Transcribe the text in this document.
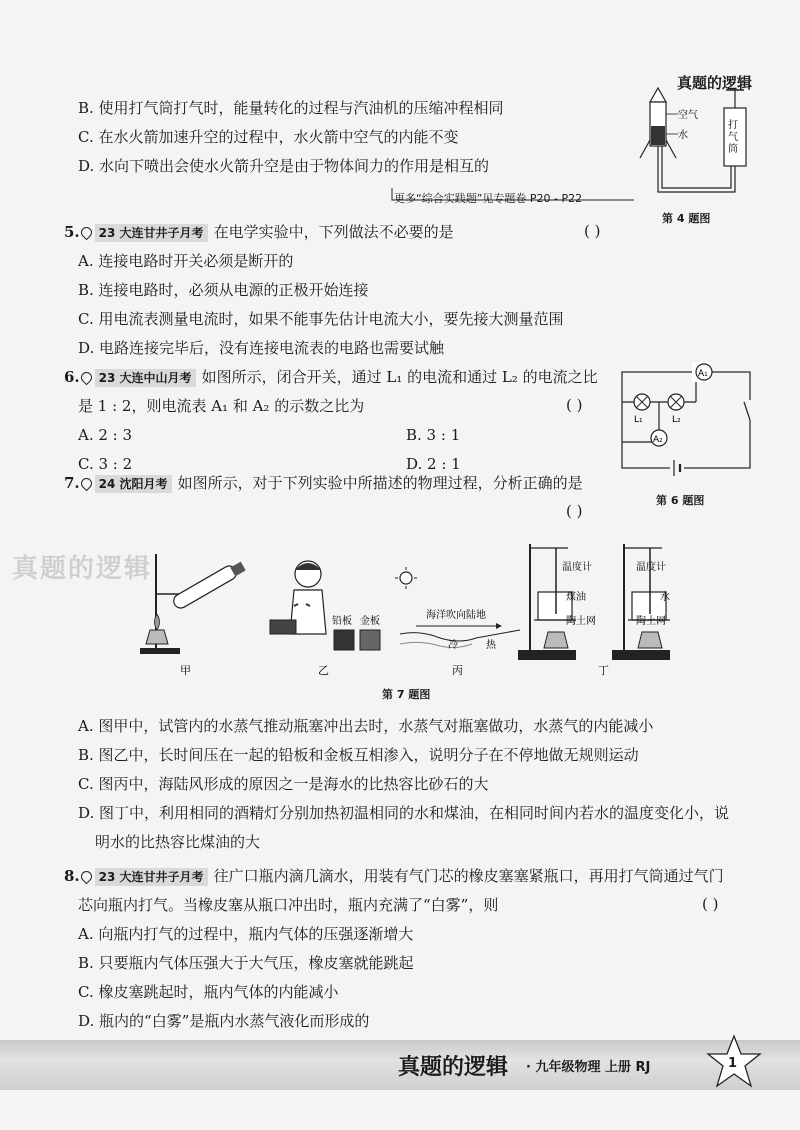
真题的逻辑
B. 使用打气筒打气时，能量转化的过程与汽油机的压缩冲程相同
C. 在水火箭加速升空的过程中，水火箭中空气的内能不变
D. 水向下喷出会使水火箭升空是由于物体间力的作用是相互的
更多“综合实践题”见专题卷 P20 - P22
空气
水
打
气
筒
第 4 题图
5. 23 大连甘井子月考 在电学实验中，下列做法不必要的是	( )
A. 连接电路时开关必须是断开的
B. 连接电路时，必须从电源的正极开始连接
C. 用电流表测量电流时，如果不能事先估计电流大小，要先接大测量范围
D. 电路连接完毕后，没有连接电流表的电路也需要试触
6. 23 大连中山月考 如图所示，闭合开关，通过 L₁ 的电流和通过 L₂ 的电流之比
是 1 : 2，则电流表 A₁ 和 A₂ 的示数之比为	( )
A. 2 : 3	B. 3 : 1
C. 3 : 2	D. 2 : 1
A₁
A₂
L₁	L₂
第 6 题图
7. 24 沈阳月考 如图所示，对于下列实验中所描述的物理过程，分析正确的是
( )
真题的逻辑
甲
铅板 金板
乙
海洋吹向陆地
冷	热
丙
温度计
煤油
陶土网
温度计
水
陶土网
丁
第 7 题图
A. 图甲中，试管内的水蒸气推动瓶塞冲出去时，水蒸气对瓶塞做功，水蒸气的内能减小
B. 图乙中，长时间压在一起的铅板和金板互相渗入，说明分子在不停地做无规则运动
C. 图丙中，海陆风形成的原因之一是海水的比热容比砂石的大
D. 图丁中，利用相同的酒精灯分别加热初温相同的水和煤油，在相同时间内若水的温度变化小，说
明水的比热容比煤油的大
8. 23 大连甘井子月考 往广口瓶内滴几滴水，用装有气门芯的橡皮塞塞紧瓶口，再用打气筒通过气门
芯向瓶内打气。当橡皮塞从瓶口冲出时，瓶内充满了“白雾”，则	( )
A. 向瓶内打气的过程中，瓶内气体的压强逐渐增大
B. 只要瓶内气体压强大于大气压，橡皮塞就能跳起
C. 橡皮塞跳起时，瓶内气体的内能减小
D. 瓶内的“白雾”是瓶内水蒸气液化而形成的
真题的逻辑 · 九年级物理 上册 RJ	1
